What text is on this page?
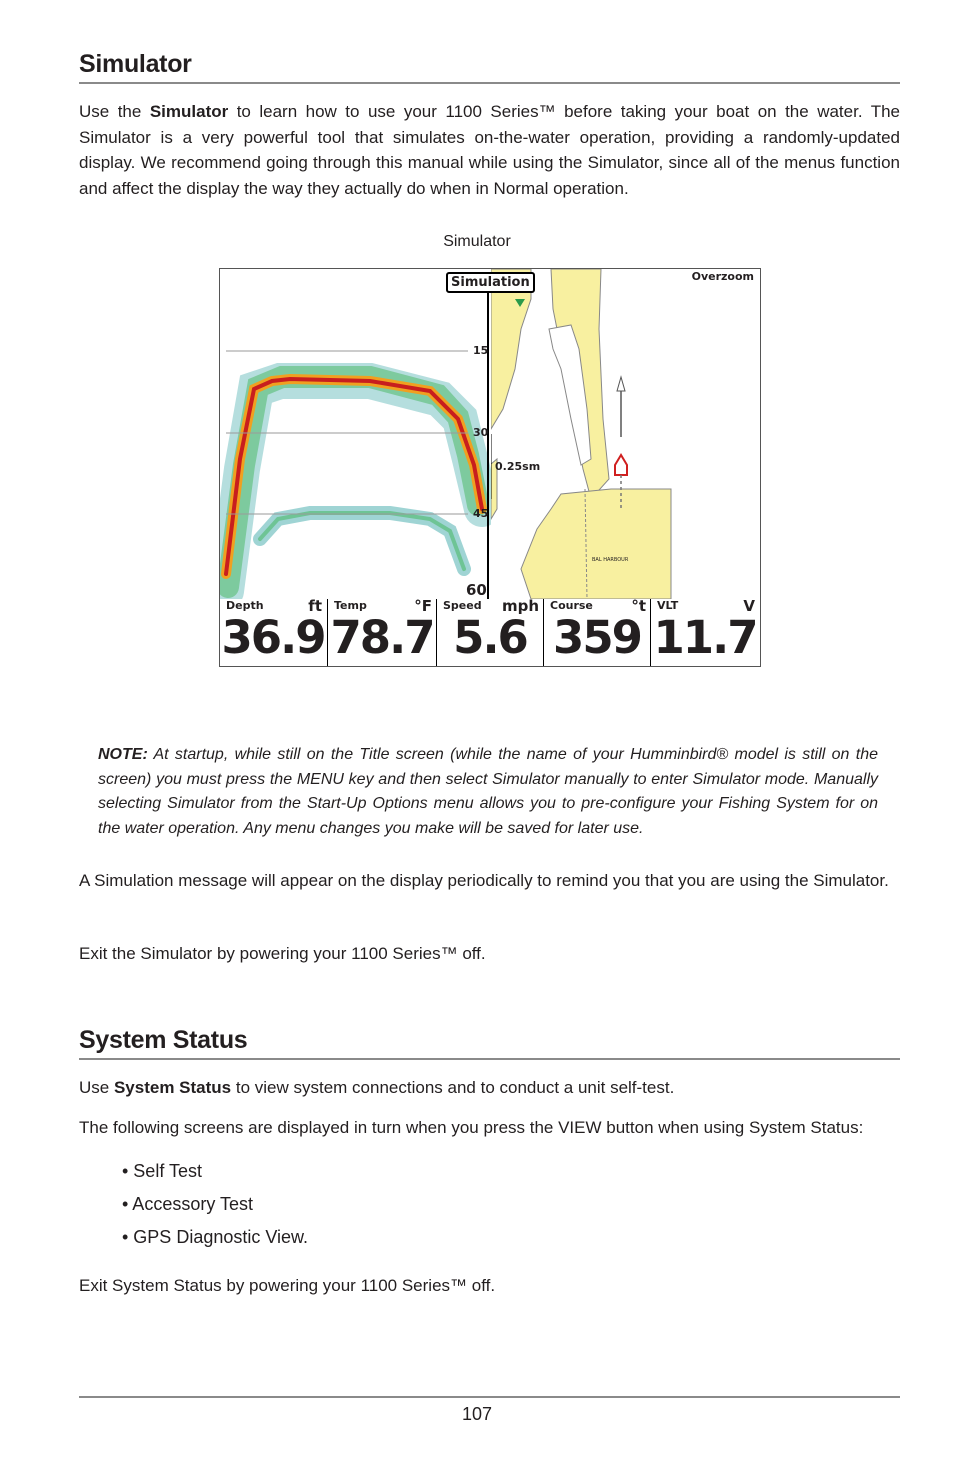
Simulator

Use the Simulator to learn how to use your 1100 Series™ before taking your boat on the water. The Simulator is a very powerful tool that simulates on-the-water operation, providing a randomly-updated display. We recommend going through this manual while using the Simulator, since all of the menus function and affect the display the way they actually do when in Normal operation.

Simulator
15
30
45
60
Simulation	Overzoom
0.25sm
BAL HARBOUR
Depth	ft
36.9
Temp	°F
78.7
Speed mph
5.6
Course	°t
359
VLT	V
11.7

NOTE: At startup, while still on the Title screen (while the name of your Humminbird® model is still on the screen) you must press the MENU key and then select Simulator manually to enter Simulator mode. Manually selecting Simulator from the Start-Up Options menu allows you to pre-configure your Fishing System for on the water operation. Any menu changes you make will be saved for later use.

A Simulation message will appear on the display periodically to remind you that you are using the Simulator.

Exit the Simulator by powering your 1100 Series™ off.

System Status

Use System Status to view system connections and to conduct a unit self-test.

The following screens are displayed in turn when you press the VIEW button when using System Status:

• Self Test
• Accessory Test
• GPS Diagnostic View.

Exit System Status by powering your 1100 Series™ off.

107
